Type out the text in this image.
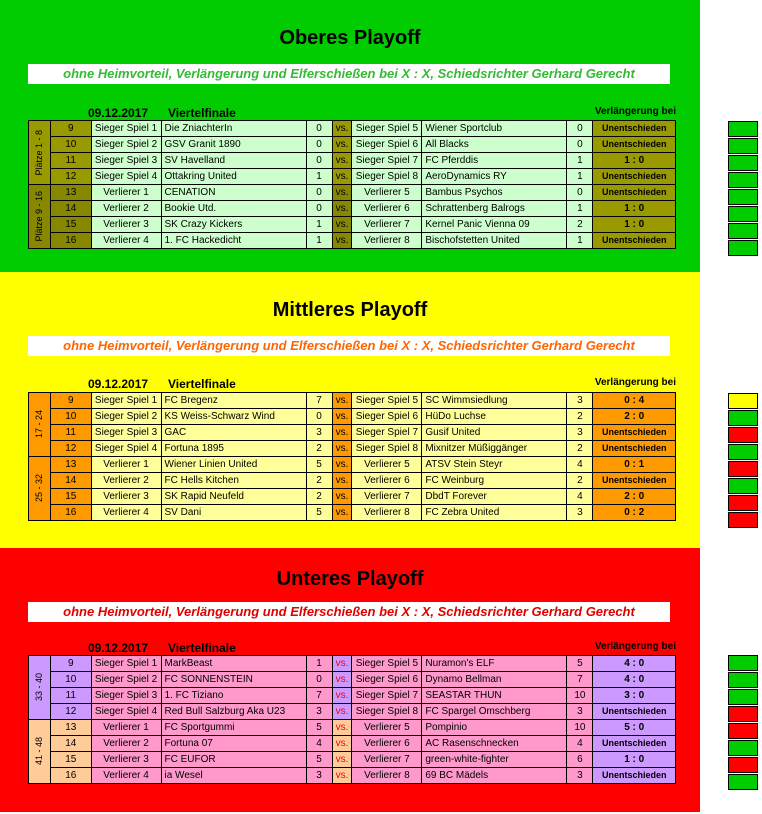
Oberes Playoff
ohne Heimvorteil, Verlängerung und Elferschießen bei X : X, Schiedsrichter Gerhard Gerecht
09.12.2017 Viertelfinale	Verlängerung bei
Plätze 1 - 8	9	Sieger Spiel 1	Die ZniachterIn	0	vs.	Sieger Spiel 5	Wiener Sportclub	0	Unentschieden
	10	Sieger Spiel 2	GSV Granit 1890	0	vs.	Sieger Spiel 6	All Blacks	0	Unentschieden
	11	Sieger Spiel 3	SV Havelland	0	vs.	Sieger Spiel 7	FC Pferddis	1	1 : 0
	12	Sieger Spiel 4	Ottakring United	1	vs.	Sieger Spiel 8	AeroDynamics RY	1	Unentschieden

Plätze 9 - 16	13	Verlierer 1	CENATION	0	vs.	Verlierer 5	Bambus Psychos	0	Unentschieden
	14	Verlierer 2	Bookie Utd.	0	vs.	Verlierer 6	Schrattenberg Balrogs	1	1 : 0
	15	Verlierer 3	SK Crazy Kickers	1	vs.	Verlierer 7	Kernel Panic Vienna 09	2	1 : 0
	16	Verlierer 4	1. FC Hackedicht	1	vs.	Verlierer 8	Bischofstetten United	1	Unentschieden
Mittleres Playoff
ohne Heimvorteil, Verlängerung und Elferschießen bei X : X, Schiedsrichter Gerhard Gerecht
09.12.2017 Viertelfinale	Verlängerung bei
17 - 24	9	Sieger Spiel 1	FC Bregenz	7	vs.	Sieger Spiel 5	SC Wimmsiedlung	3	0 : 4
	10	Sieger Spiel 2	KS Weiss-Schwarz Wind	0	vs.	Sieger Spiel 6	HüDo Luchse	2	2 : 0
	11	Sieger Spiel 3	GAC	3	vs.	Sieger Spiel 7	Gusif United	3	Unentschieden
	12	Sieger Spiel 4	Fortuna 1895	2	vs.	Sieger Spiel 8	Mixnitzer Müßiggänger	2	Unentschieden

25 - 32	13	Verlierer 1	Wiener Linien United	5	vs.	Verlierer 5	ATSV Stein Steyr	4	0 : 1
	14	Verlierer 2	FC Hells Kitchen	2	vs.	Verlierer 6	FC Weinburg	2	Unentschieden
	15	Verlierer 3	SK Rapid Neufeld	2	vs.	Verlierer 7	DbdT Forever	4	2 : 0
	16	Verlierer 4	SV Dani	5	vs.	Verlierer 8	FC Zebra United	3	0 : 2
Unteres Playoff
ohne Heimvorteil, Verlängerung und Elferschießen bei X : X, Schiedsrichter Gerhard Gerecht
09.12.2017 Viertelfinale	Verlängerung bei
33 - 40	9	Sieger Spiel 1	MarkBeast	1	vs.	Sieger Spiel 5	Nuramon's ELF	5	4 : 0
	10	Sieger Spiel 2	FC SONNENSTEIN	0	vs.	Sieger Spiel 6	Dynamo Bellman	7	4 : 0
	11	Sieger Spiel 3	1. FC Tiziano	7	vs.	Sieger Spiel 7	SEASTAR THUN	10	3 : 0
	12	Sieger Spiel 4	Red Bull Salzburg Aka U23	3	vs.	Sieger Spiel 8	FC Spargel Omschberg	3	Unentschieden

41 - 48	13	Verlierer 1	FC Sportgummi	5	vs.	Verlierer 5	Pompinio	10	5 : 0
	14	Verlierer 2	Fortuna 07	4	vs.	Verlierer 6	AC Rasenschnecken	4	Unentschieden
	15	Verlierer 3	FC EUFOR	5	vs.	Verlierer 7	green-white-fighter	6	1 : 0
	16	Verlierer 4	ia Wesel	3	vs.	Verlierer 8	69 BC Mädels	3	Unentschieden
